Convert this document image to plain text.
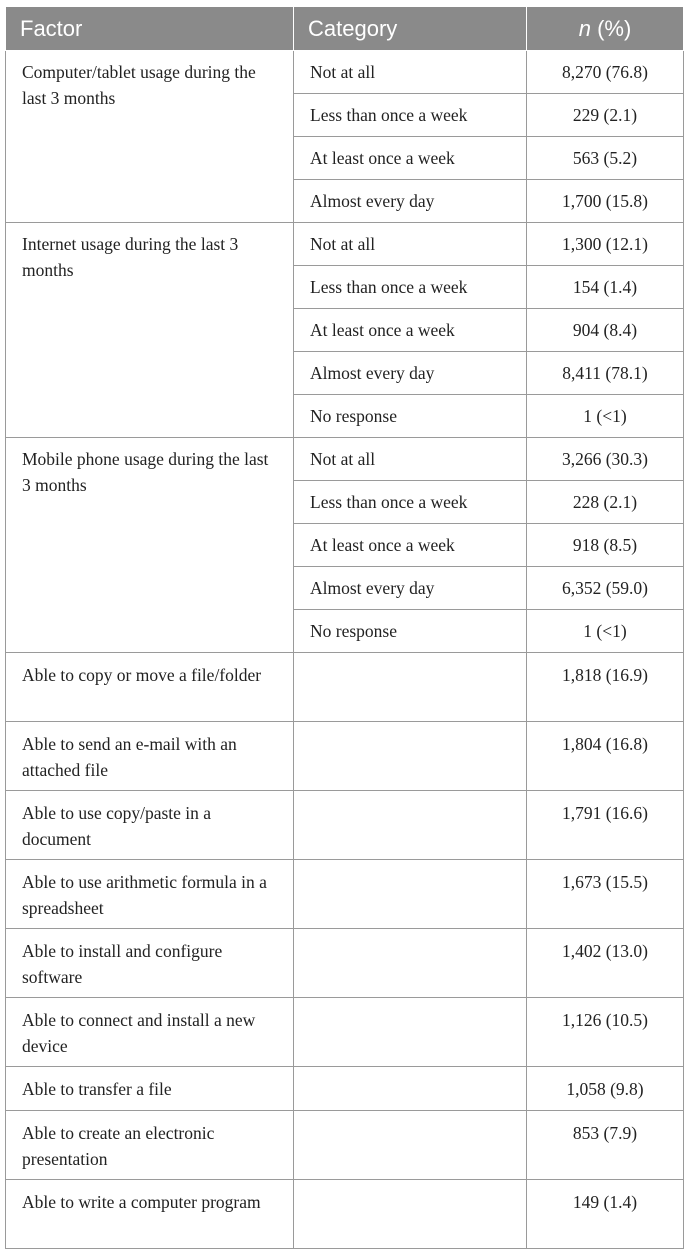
Factor	Category	n (%)
Computer/tablet usage during the last 3 months	Not at all	8,270 (76.8)
	Less than once a week	229 (2.1)
	At least once a week	563 (5.2)
	Almost every day	1,700 (15.8)
Internet usage during the last 3 months	Not at all	1,300 (12.1)
	Less than once a week	154 (1.4)
	At least once a week	904 (8.4)
	Almost every day	8,411 (78.1)
	No response	1 (<1)
Mobile phone usage during the last 3 months	Not at all	3,266 (30.3)
	Less than once a week	228 (2.1)
	At least once a week	918 (8.5)
	Almost every day	6,352 (59.0)
	No response	1 (<1)
Able to copy or move a file/folder		1,818 (16.9)
Able to send an e-mail with an attached file		1,804 (16.8)
Able to use copy/paste in a document		1,791 (16.6)
Able to use arithmetic formula in a spreadsheet		1,673 (15.5)
Able to install and configure software		1,402 (13.0)
Able to connect and install a new device		1,126 (10.5)
Able to transfer a file		1,058 (9.8)
Able to create an electronic presentation		853 (7.9)
Able to write a computer program		149 (1.4)
